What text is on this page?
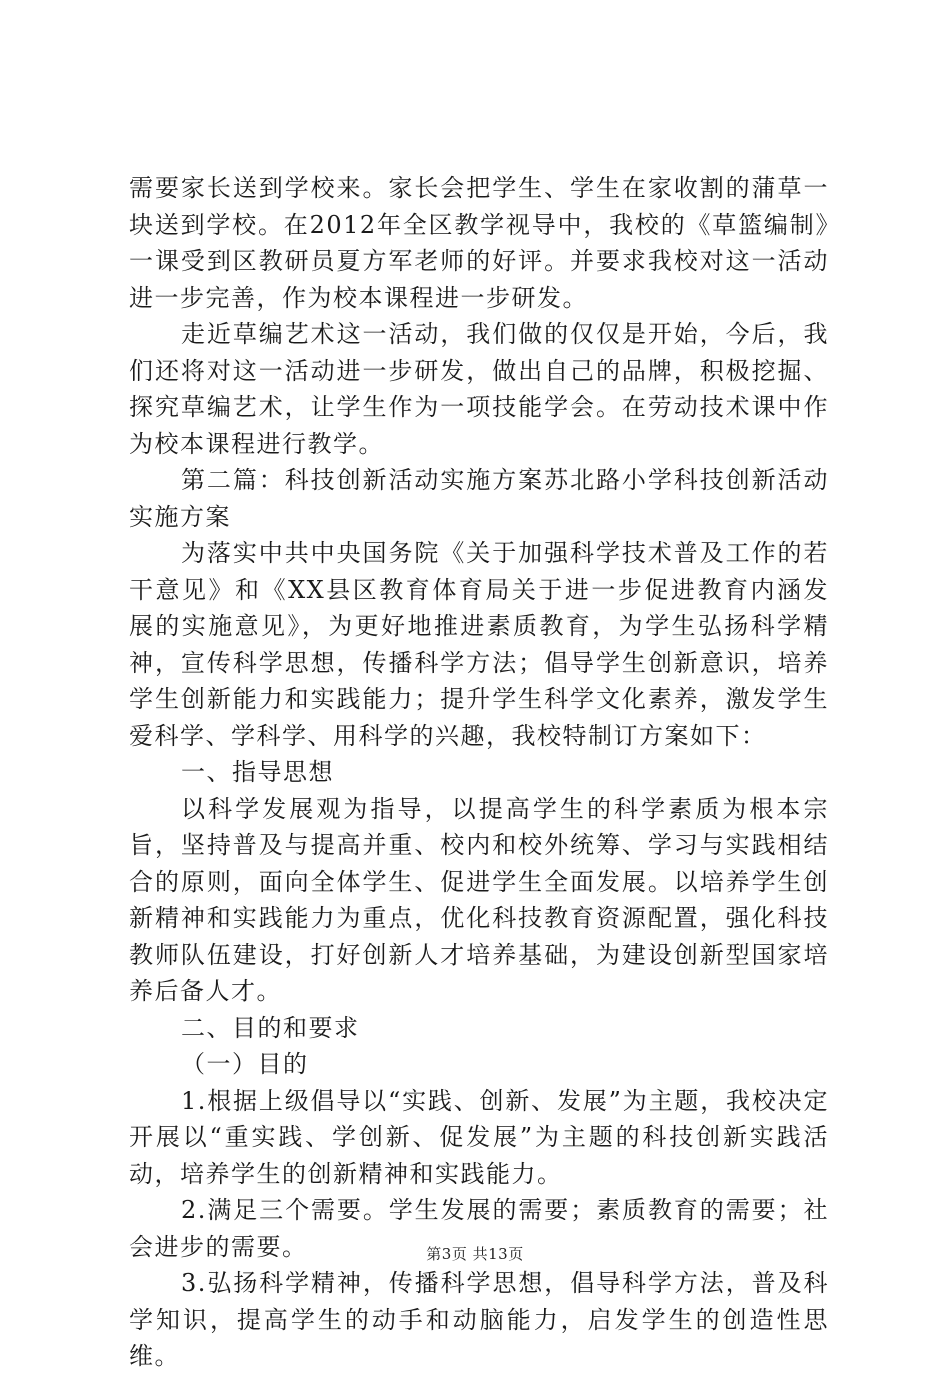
需要家长送到学校来。家长会把学生、学生在家收割的蒲草一块送到学校。在2012年全区教学视导中，我校的《草篮编制》一课受到区教研员夏方军老师的好评。并要求我校对这一活动进一步完善，作为校本课程进一步研发。

走近草编艺术这一活动，我们做的仅仅是开始，今后，我们还将对这一活动进一步研发，做出自己的品牌，积极挖掘、探究草编艺术，让学生作为一项技能学会。在劳动技术课中作为校本课程进行教学。

第二篇：科技创新活动实施方案苏北路小学科技创新活动实施方案

为落实中共中央国务院《关于加强科学技术普及工作的若干意见》和《XX县区教育体育局关于进一步促进教育内涵发展的实施意见》，为更好地推进素质教育，为学生弘扬科学精神，宣传科学思想，传播科学方法；倡导学生创新意识，培养学生创新能力和实践能力；提升学生科学文化素养，激发学生爱科学、学科学、用科学的兴趣，我校特制订方案如下：

一、指导思想

以科学发展观为指导，以提高学生的科学素质为根本宗旨，坚持普及与提高并重、校内和校外统筹、学习与实践相结合的原则，面向全体学生、促进学生全面发展。以培养学生创新精神和实践能力为重点，优化科技教育资源配置，强化科技教师队伍建设，打好创新人才培养基础，为建设创新型国家培养后备人才。

二、目的和要求

（一）目的

1.根据上级倡导以“实践、创新、发展”为主题，我校决定开展以“重实践、学创新、促发展”为主题的科技创新实践活动，培养学生的创新精神和实践能力。

2.满足三个需要。学生发展的需要；素质教育的需要；社会进步的需要。

3.弘扬科学精神，传播科学思想，倡导科学方法，普及科学知识，提高学生的动手和动脑能力，启发学生的创造性思维。

第3页 共13页
